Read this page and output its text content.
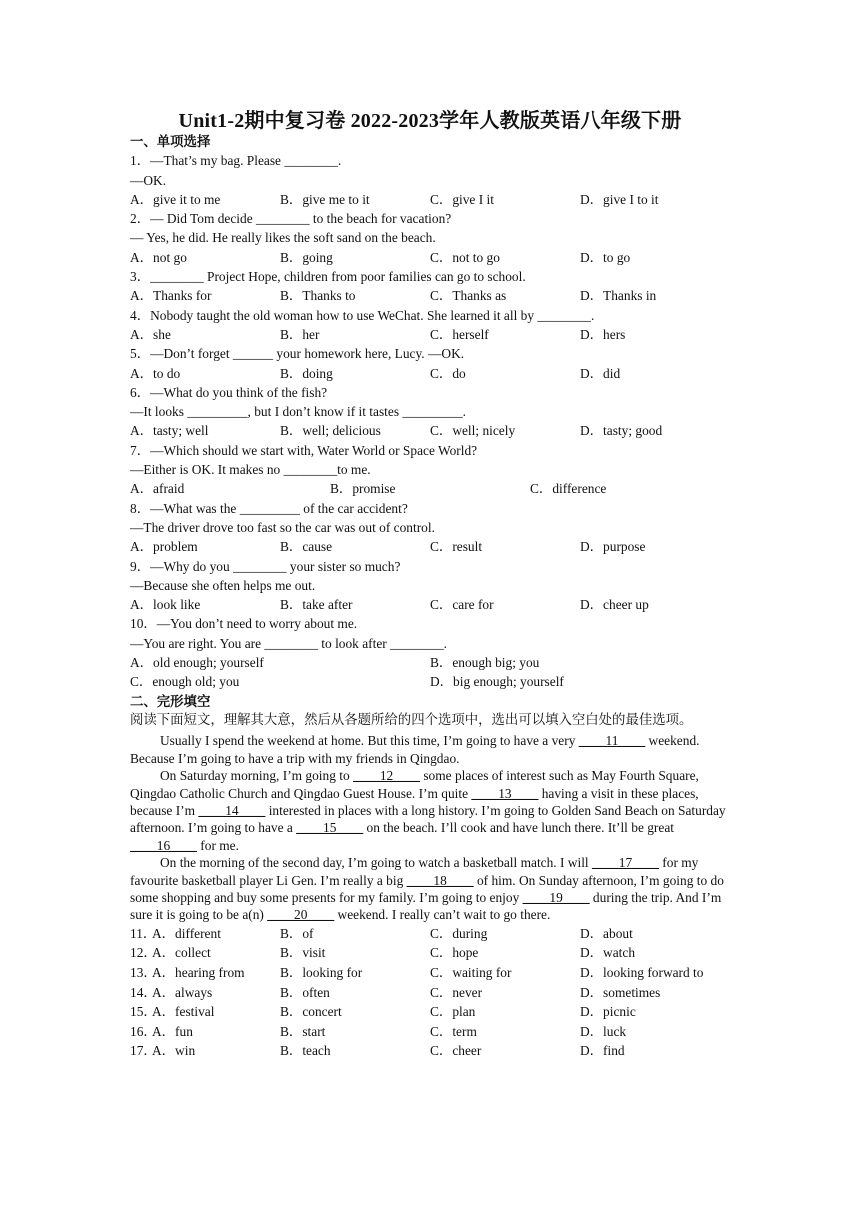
Unit1-2期中复习卷 2022-2023学年人教版英语八年级下册
一、单项选择
1．—That’s my bag. Please ________.
—OK.
A．give it to me	B．give me to it	C．give I it	D．give I to it
2．— Did Tom decide ________ to the beach for vacation?
— Yes, he did. He really likes the soft sand on the beach.
A．not go	B．going	C．not to go	D．to go
3．________ Project Hope, children from poor families can go to school.
A．Thanks for	B．Thanks to	C．Thanks as	D．Thanks in
4．Nobody taught the old woman how to use WeChat. She learned it all by ________.
A．she	B．her	C．herself	D．hers
5．—Don’t forget ______ your homework here, Lucy. —OK.
A．to do	B．doing	C．do	D．did
6．—What do you think of the fish?
—It looks _________, but I don’t know if it tastes _________.
A．tasty; well	B．well; delicious	C．well; nicely	D．tasty; good
7．—Which should we start with, Water World or Space World?
—Either is OK. It makes no ________to me.
A．afraid	B．promise	C．difference
8．—What was the _________ of the car accident?
—The driver drove too fast so the car was out of control.
A．problem	B．cause	C．result	D．purpose
9．—Why do you ________ your sister so much?
—Because she often helps me out.
A．look like	B．take after	C．care for	D．cheer up
10．—You don’t need to worry about me.
—You are right. You are ________ to look after ________.
A．old enough; yourself	B．enough big; you
C．enough old; you	D．big enough; yourself
二、完形填空
阅读下面短文，理解其大意，然后从各题所给的四个选项中，选出可以填入空白处的最佳选项。
Usually I spend the weekend at home. But this time, I’m going to have a very ____11____ weekend. Because I’m going to have a trip with my friends in Qingdao.
On Saturday morning, I’m going to ____12____ some places of interest such as May Fourth Square, Qingdao Catholic Church and Qingdao Guest House. I’m quite ____13____ having a visit in these places, because I’m ____14____ interested in places with a long history. I’m going to Golden Sand Beach on Saturday afternoon. I’m going to have a ____15____ on the beach. I’ll cook and have lunch there. It’ll be great ____16____ for me.
On the morning of the second day, I’m going to watch a basketball match. I will ____17____ for my favourite basketball player Li Gen. I’m really a big ____18____ of him. On Sunday afternoon, I’m going to do some shopping and buy some presents for my family. I’m going to enjoy ____19____ during the trip. And I’m sure it is going to be a(n) ____20____ weekend. I really can’t wait to go there.
11．
A．different	B．of	C．during	D．about
12．
A．collect	B．visit	C．hope	D．watch
13．
A．hearing from	B．looking for	C．waiting for	D．looking forward to
14．
A．always	B．often	C．never	D．sometimes
15．
A．festival	B．concert	C．plan	D．picnic
16．
A．fun	B．start	C．term	D．luck
17．
A．win	B．teach	C．cheer	D．find
